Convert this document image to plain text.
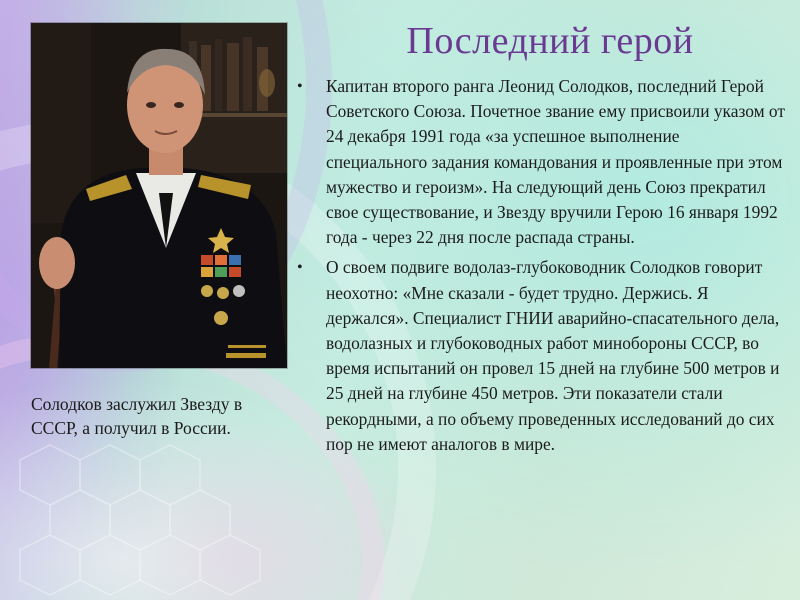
Солодков заслужил Звезду в СССР, а получил в России.
Последний герой
•	Капитан второго ранга Леонид Солодков, последний Герой Советского Союза. Почетное звание ему присвоили указом от 24 декабря 1991 года «за успешное выполнение специального задания командования и проявленные при этом мужество и героизм». На следующий день Союз прекратил свое существование, и Звезду вручили Герою 16 января 1992 года - через 22 дня после распада страны.
•	О своем подвиге водолаз-глубоководник Солодков говорит неохотно: «Мне сказали - будет трудно. Держись. Я держался». Специалист ГНИИ аварийно-спасательного дела, водолазных и глубоководных работ минобороны СССР, во время испытаний он провел 15 дней на глубине 500 метров и 25 дней на глубине 450 метров. Эти показатели стали рекордными, а по объему проведенных исследований до сих пор не имеют аналогов в мире.
